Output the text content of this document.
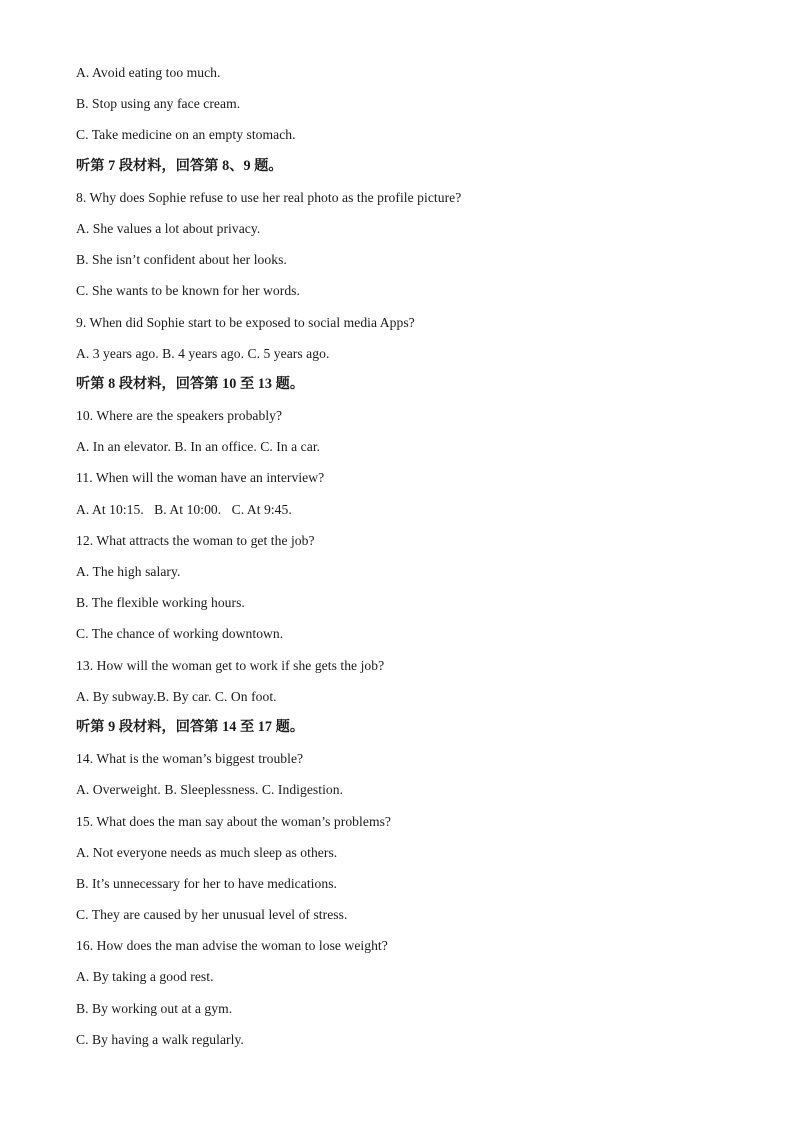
A. Avoid eating too much.
B. Stop using any face cream.
C. Take medicine on an empty stomach.
听第 7 段材料，回答第 8、9 题。
8. Why does Sophie refuse to use her real photo as the profile picture?
A. She values a lot about privacy.
B. She isn’t confident about her looks.
C. She wants to be known for her words.
9. When did Sophie start to be exposed to social media Apps?
A. 3 years ago. B. 4 years ago. C. 5 years ago.
听第 8 段材料，回答第 10 至 13 题。
10. Where are the speakers probably?
A. In an elevator. B. In an office. C. In a car.
11. When will the woman have an interview?
A. At 10:15.   B. At 10:00.   C. At 9:45.
12. What attracts the woman to get the job?
A. The high salary.
B. The flexible working hours.
C. The chance of working downtown.
13. How will the woman get to work if she gets the job?
A. By subway.B. By car. C. On foot.
听第 9 段材料，回答第 14 至 17 题。
14. What is the woman’s biggest trouble?
A. Overweight. B. Sleeplessness. C. Indigestion.
15. What does the man say about the woman’s problems?
A. Not everyone needs as much sleep as others.
B. It’s unnecessary for her to have medications.
C. They are caused by her unusual level of stress.
16. How does the man advise the woman to lose weight?
A. By taking a good rest.
B. By working out at a gym.
C. By having a walk regularly.
